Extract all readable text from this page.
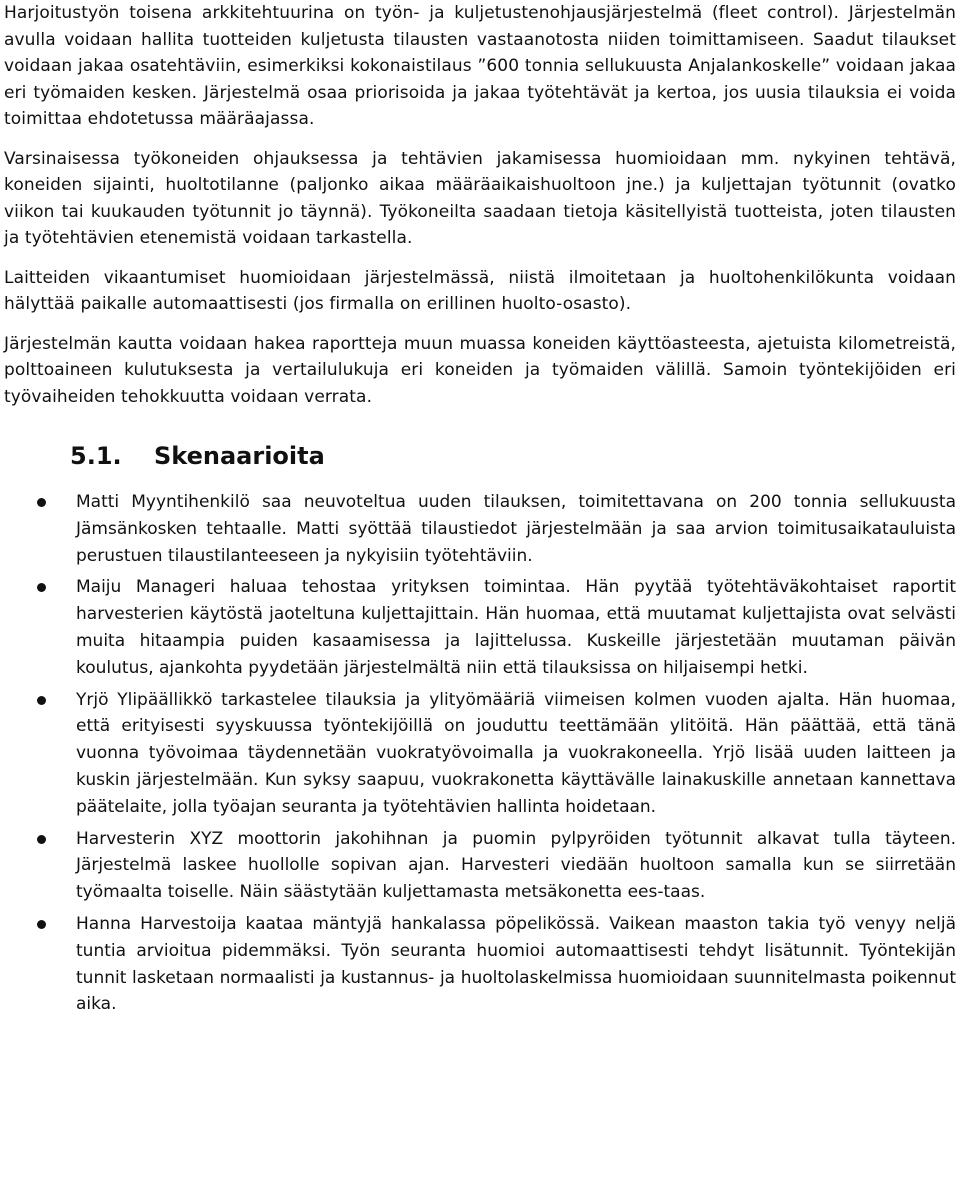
Harjoitustyön toisena arkkitehtuurina on työn- ja kuljetustenohjausjärjestelmä (fleet control). Järjestelmän avulla voidaan hallita tuotteiden kuljetusta tilausten vastaanotosta niiden toimittamiseen. Saadut tilaukset voidaan jakaa osatehtäviin, esimerkiksi kokonaistilaus ”600 tonnia sellukuusta Anjalankoskelle” voidaan jakaa eri työmaiden kesken. Järjestelmä osaa priorisoida ja jakaa työtehtävät ja kertoa, jos uusia tilauksia ei voida toimittaa ehdotetussa määräajassa.

Varsinaisessa työkoneiden ohjauksessa ja tehtävien jakamisessa huomioidaan mm. nykyinen tehtävä, koneiden sijainti, huoltotilanne (paljonko aikaa määräaikaishuoltoon jne.) ja kuljettajan työtunnit (ovatko viikon tai kuukauden työtunnit jo täynnä). Työkoneilta saadaan tietoja käsitellyistä tuotteista, joten tilausten ja työtehtävien etenemistä voidaan tarkastella.

Laitteiden vikaantumiset huomioidaan järjestelmässä, niistä ilmoitetaan ja huoltohenkilökunta voidaan hälyttää paikalle automaattisesti (jos firmalla on erillinen huolto-osasto).

Järjestelmän kautta voidaan hakea raportteja muun muassa koneiden käyttöasteesta, ajetuista kilometreistä, polttoaineen kulutuksesta ja vertailulukuja eri koneiden ja työmaiden välillä. Samoin työntekijöiden eri työvaiheiden tehokkuutta voidaan verrata.

5.1.	Skenaarioita
Matti Myyntihenkilö saa neuvoteltua uuden tilauksen, toimitettavana on 200 tonnia sellukuusta Jämsänkosken tehtaalle. Matti syöttää tilaustiedot järjestelmään ja saa arvion toimitusaikatauluista perustuen tilaustilanteeseen ja nykyisiin työtehtäviin.
Maiju Manageri haluaa tehostaa yrityksen toimintaa. Hän pyytää työtehtäväkohtaiset raportit harvesterien käytöstä jaoteltuna kuljettajittain. Hän huomaa, että muutamat kuljettajista ovat selvästi muita hitaampia puiden kasaamisessa ja lajittelussa. Kuskeille järjestetään muutaman päivän koulutus, ajankohta pyydetään järjestelmältä niin että tilauksissa on hiljaisempi hetki.
Yrjö Ylipäällikkö tarkastelee tilauksia ja ylityömääriä viimeisen kolmen vuoden ajalta. Hän huomaa, että erityisesti syyskuussa työntekijöillä on jouduttu teettämään ylitöitä. Hän päättää, että tänä vuonna työvoimaa täydennetään vuokratyövoimalla ja vuokrakoneella. Yrjö lisää uuden laitteen ja kuskin järjestelmään. Kun syksy saapuu, vuokrakonetta käyttävälle lainakuskille annetaan kannettava päätelaite, jolla työajan seuranta ja työtehtävien hallinta hoidetaan.
Harvesterin XYZ moottorin jakohihnan ja puomin pylpyröiden työtunnit alkavat tulla täyteen. Järjestelmä laskee huollolle sopivan ajan. Harvesteri viedään huoltoon samalla kun se siirretään työmaalta toiselle. Näin säästytään kuljettamasta metsäkonetta ees-taas.
Hanna Harvestoija kaataa mäntyjä hankalassa pöpelikössä. Vaikean maaston takia työ venyy neljä tuntia arvioitua pidemmäksi. Työn seuranta huomioi automaattisesti tehdyt lisätunnit. Työntekijän tunnit lasketaan normaalisti ja kustannus- ja huoltolaskelmissa huomioidaan suunnitelmasta poikennut aika.
